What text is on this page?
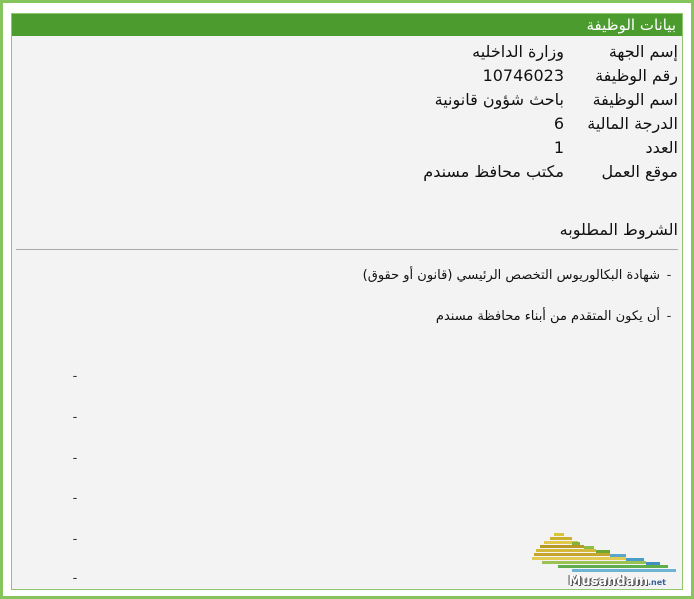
بيانات الوظيفة
إسم الجهةوزارة الداخليه
رقم الوظيفة10746023
اسم الوظيفةباحث شؤون قانونية
الدرجة المالية6
العدد1
موقع العملمكتب محافظ مسندم
الشروط المطلوبه
-شهادة البكالوريوس التخصص الرئيسي (قانون أو حقوق)
-أن يكون المتقدم من أبناء محافظة مسندم
-
-
-
-
-
-	Musandam.net
